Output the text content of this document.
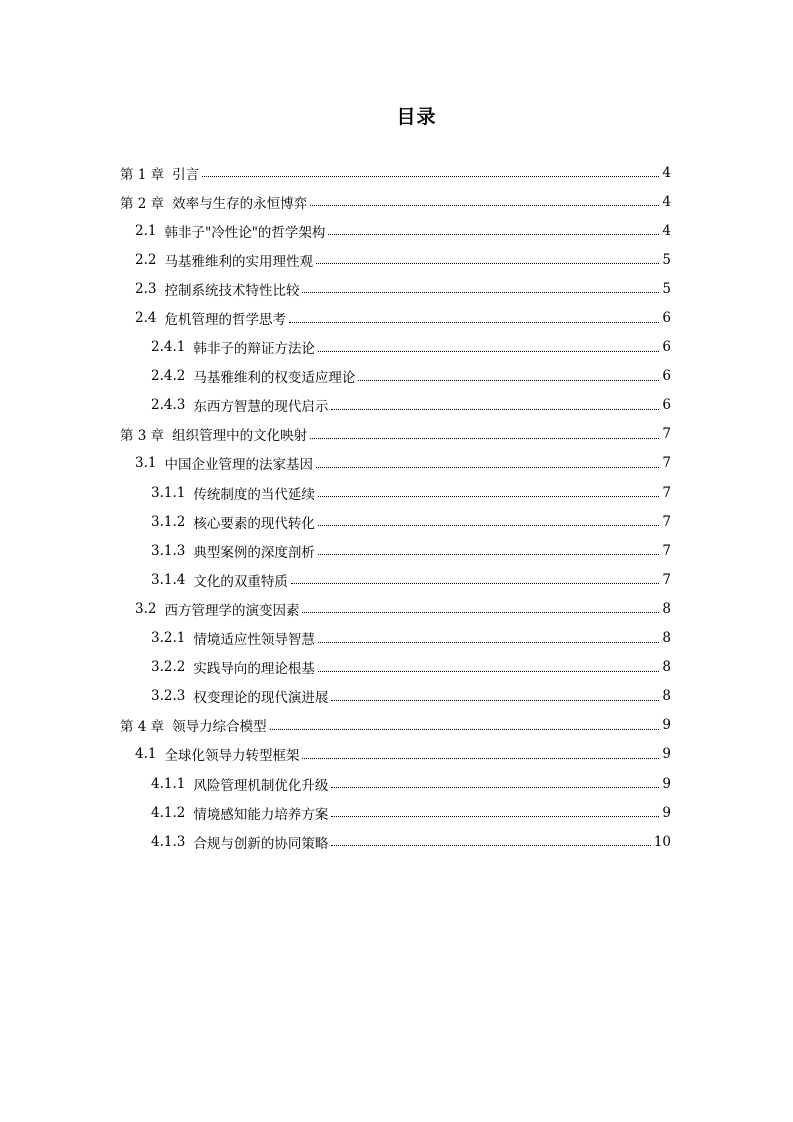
目录
第 1 章 引言	4
第 2 章 效率与生存的永恒博弈	4
2.1 韩非子"冷性论"的哲学架构	4
2.2 马基雅维利的实用理性观	5
2.3 控制系统技术特性比较	5
2.4 危机管理的哲学思考	6
2.4.1 韩非子的辩证方法论	6
2.4.2 马基雅维利的权变适应理论	6
2.4.3 东西方智慧的现代启示	6
第 3 章 组织管理中的文化映射	7
3.1 中国企业管理的法家基因	7
3.1.1 传统制度的当代延续	7
3.1.2 核心要素的现代转化	7
3.1.3 典型案例的深度剖析	7
3.1.4 文化的双重特质	7
3.2 西方管理学的演变因素	8
3.2.1 情境适应性领导智慧	8
3.2.2 实践导向的理论根基	8
3.2.3 权变理论的现代演进展	8
第 4 章 领导力综合模型	9
4.1 全球化领导力转型框架	9
4.1.1 风险管理机制优化升级	9
4.1.2 情境感知能力培养方案	9
4.1.3 合规与创新的协同策略	10
